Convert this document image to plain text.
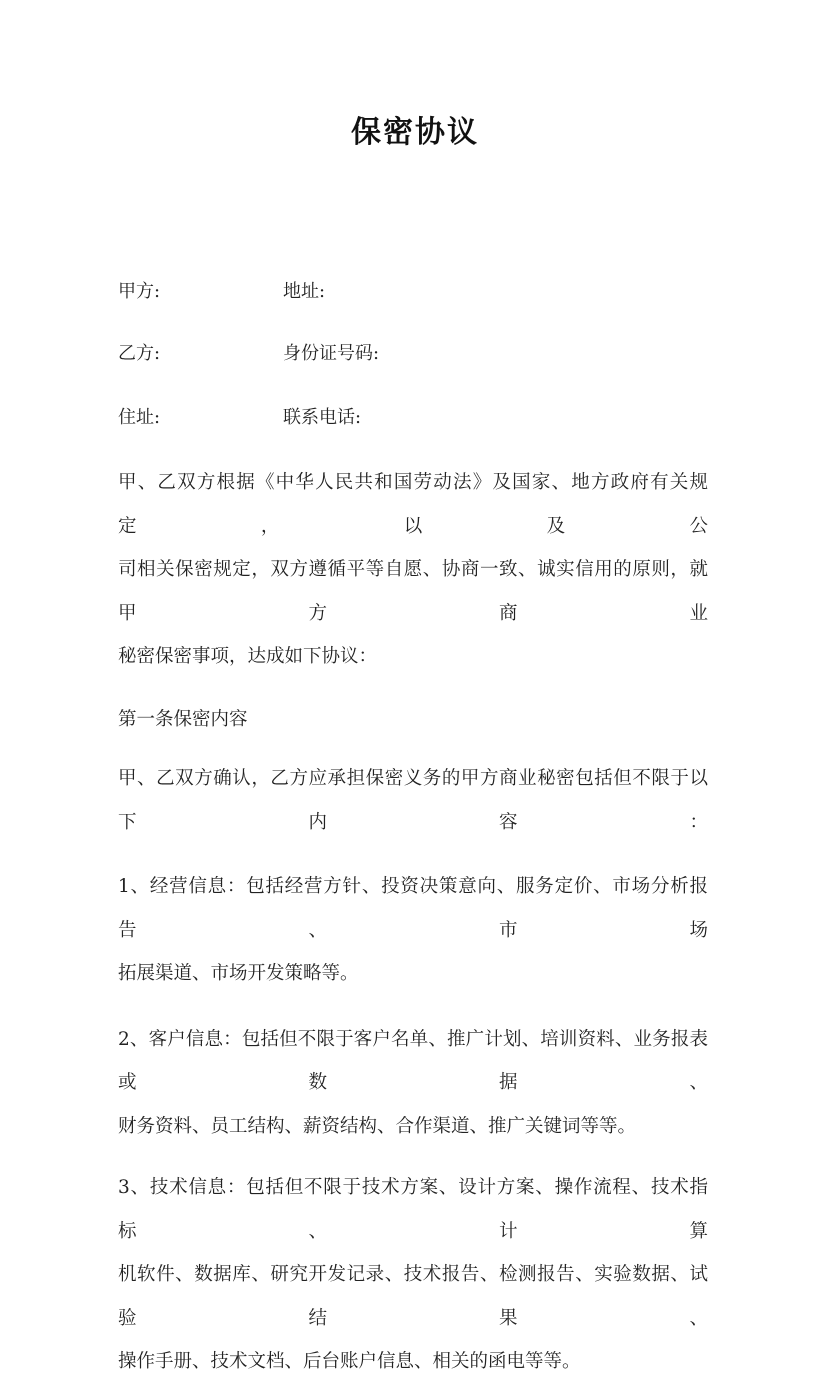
保密协议
甲方:	地址:
乙方:	身份证号码:
住址:	联系电话:
甲、乙双方根据《中华人民共和国劳动法》及国家、地方政府有关规定，以及公
司相关保密规定，双方遵循平等自愿、协商一致、诚实信用的原则，就甲方商业
秘密保密事项，达成如下协议：
第一条保密内容
甲、乙双方确认，乙方应承担保密义务的甲方商业秘密包括但不限于以下内容：
1、经营信息：包括经营方针、投资决策意向、服务定价、市场分析报告、市场
拓展渠道、市场开发策略等。
2、客户信息：包括但不限于客户名单、推广计划、培训资料、业务报表或数据、
财务资料、员工结构、薪资结构、合作渠道、推广关键词等等。
3、技术信息：包括但不限于技术方案、设计方案、操作流程、技术指标、计算
机软件、数据库、研究开发记录、技术报告、检测报告、实验数据、试验结果、
操作手册、技术文档、后台账户信息、相关的函电等等。
